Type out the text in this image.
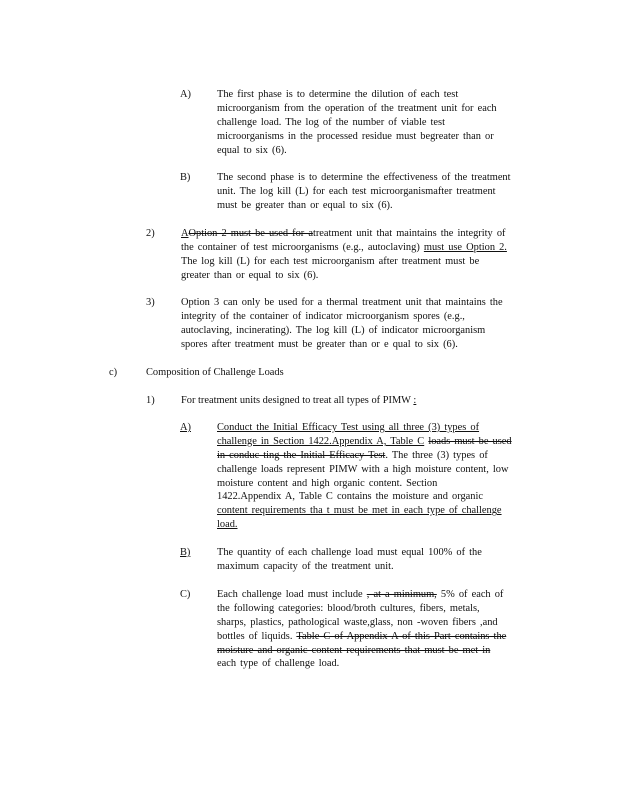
A)	The first phase is to determine the dilution of each test
microorganism from the operation of the treatment unit for each
challenge load. The log of the number of viable test
microorganisms in the processed residue must begreater than or
equal to six (6).
B)	The second phase is to determine the effectiveness of the treatment
unit. The log kill (L) for each test microorganismafter treatment
must be greater than or equal to six (6).
2)	AOption 2 must be used for atreatment unit that maintains the integrity of
the container of test microorganisms (e.g., autoclaving) must use Option 2.
The log kill (L) for each test microorganism after treatment must be
greater than or equal to six (6).
3)	Option 3 can only be used for a thermal treatment unit that maintains the
integrity of the container of indicator microorganism spores (e.g.,
autoclaving, incinerating). The log kill (L) of indicator microorganism
spores after treatment must be greater than or e qual to six (6).
c)	Composition of Challenge Loads
1)	For treatment units designed to treat all types of PIMW :
A)	Conduct the Initial Efficacy Test using all three (3) types of
challenge in Section 1422.Appendix A, Table C loads must be used
in conduc ting the Initial Efficacy Test. The three (3) types of
challenge loads represent PIMW with a high moisture content, low
moisture content and high organic content. Section
1422.Appendix A, Table C contains the moisture and organic
content requirements tha t must be met in each type of challenge
load.
B)	The quantity of each challenge load must equal 100% of the
maximum capacity of the treatment unit.
C)	Each challenge load must include , at a minimum, 5% of each of
the following categories: blood/broth cultures, fibers, metals,
sharps, plastics, pathological waste,glass, non -woven fibers ,and
bottles of liquids. Table C of Appendix A of this Part contains the
moisture and organic content requirements that must be met in
each type of challenge load.
